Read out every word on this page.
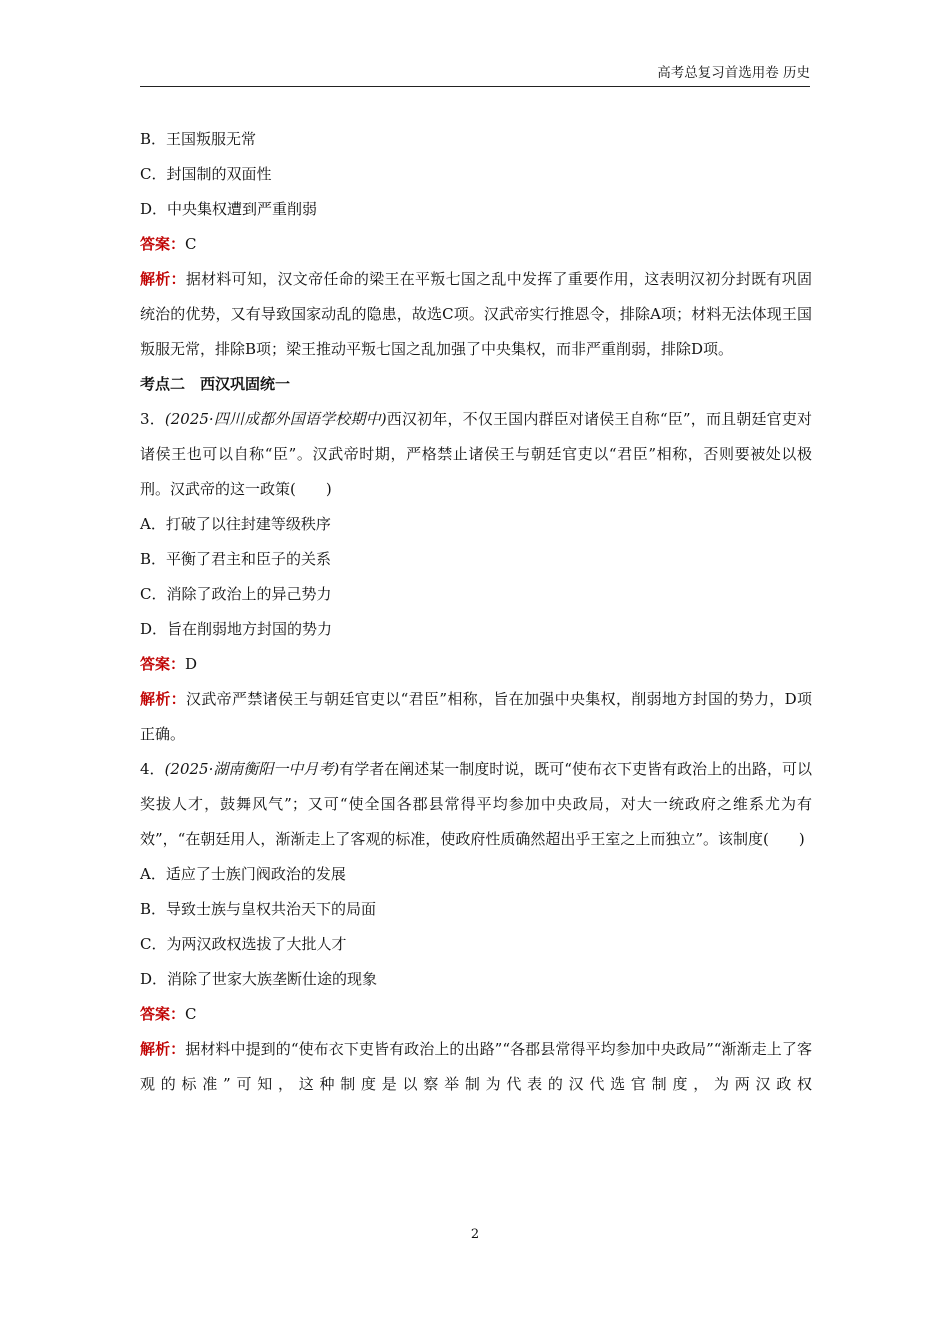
高考总复习首选用卷 历史

B．王国叛服无常

C．封国制的双面性

D．中央集权遭到严重削弱

答案：C

解析：据材料可知，汉文帝任命的梁王在平叛七国之乱中发挥了重要作用，这表明汉初分封既有巩固统治的优势，又有导致国家动乱的隐患，故选C项。汉武帝实行推恩令，排除A项；材料无法体现王国叛服无常，排除B项；梁王推动平叛七国之乱加强了中央集权，而非严重削弱，排除D项。

考点二　西汉巩固统一

3．(2025·四川成都外国语学校期中)西汉初年，不仅王国内群臣对诸侯王自称“臣”，而且朝廷官吏对诸侯王也可以自称“臣”。汉武帝时期，严格禁止诸侯王与朝廷官吏以“君臣”相称，否则要被处以极刑。汉武帝的这一政策(　　)

A．打破了以往封建等级秩序

B．平衡了君主和臣子的关系

C．消除了政治上的异己势力

D．旨在削弱地方封国的势力

答案：D

解析：汉武帝严禁诸侯王与朝廷官吏以“君臣”相称，旨在加强中央集权，削弱地方封国的势力，D项正确。

4．(2025·湖南衡阳一中月考)有学者在阐述某一制度时说，既可“使布衣下吏皆有政治上的出路，可以奖拔人才，鼓舞风气”；又可“使全国各郡县常得平均参加中央政局，对大一统政府之维系尤为有效”，“在朝廷用人，渐渐走上了客观的标准，使政府性质确然超出乎王室之上而独立”。该制度(　　)

A．适应了士族门阀政治的发展

B．导致士族与皇权共治天下的局面

C．为两汉政权选拔了大批人才

D．消除了世家大族垄断仕途的现象

答案：C

解析：据材料中提到的“使布衣下吏皆有政治上的出路”“各郡县常得平均参加中央政局”“渐渐走上了客观的标准”可知，这种制度是以察举制为代表的汉代选官制度，为两汉政权

2
